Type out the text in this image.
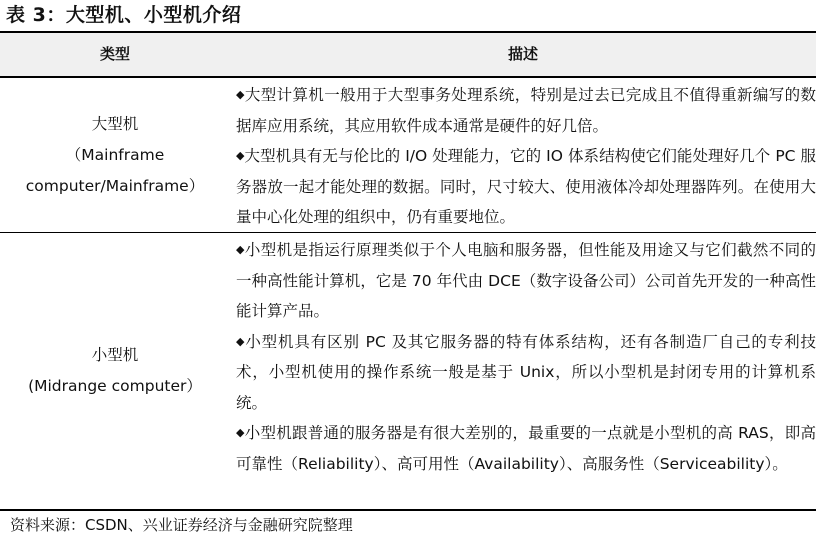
表 3：大型机、小型机介绍
类型	描述
大型机
（Mainframe
computer/Mainframe）

◆大型计算机一般用于大型事务处理系统，特别是过去已完成且不值得重新编写的数据库应用系统，其应用软件成本通常是硬件的好几倍。

◆大型机具有无与伦比的 I/O 处理能力，它的 IO 体系结构使它们能处理好几个 PC 服务器放一起才能处理的数据。同时，尺寸较大、使用液体冷却处理器阵列。在使用大量中心化处理的组织中，仍有重要地位。

小型机
(Midrange computer）

◆小型机是指运行原理类似于个人电脑和服务器，但性能及用途又与它们截然不同的一种高性能计算机，它是 70 年代由 DCE（数字设备公司）公司首先开发的一种高性能计算产品。

◆小型机具有区别 PC 及其它服务器的特有体系结构，还有各制造厂自己的专利技术，小型机使用的操作系统一般是基于 Unix，所以小型机是封闭专用的计算机系统。

◆小型机跟普通的服务器是有很大差别的，最重要的一点就是小型机的高 RAS，即高可靠性（Reliability）、高可用性（Availability）、高服务性（Serviceability）。

资料来源：CSDN、兴业证券经济与金融研究院整理
